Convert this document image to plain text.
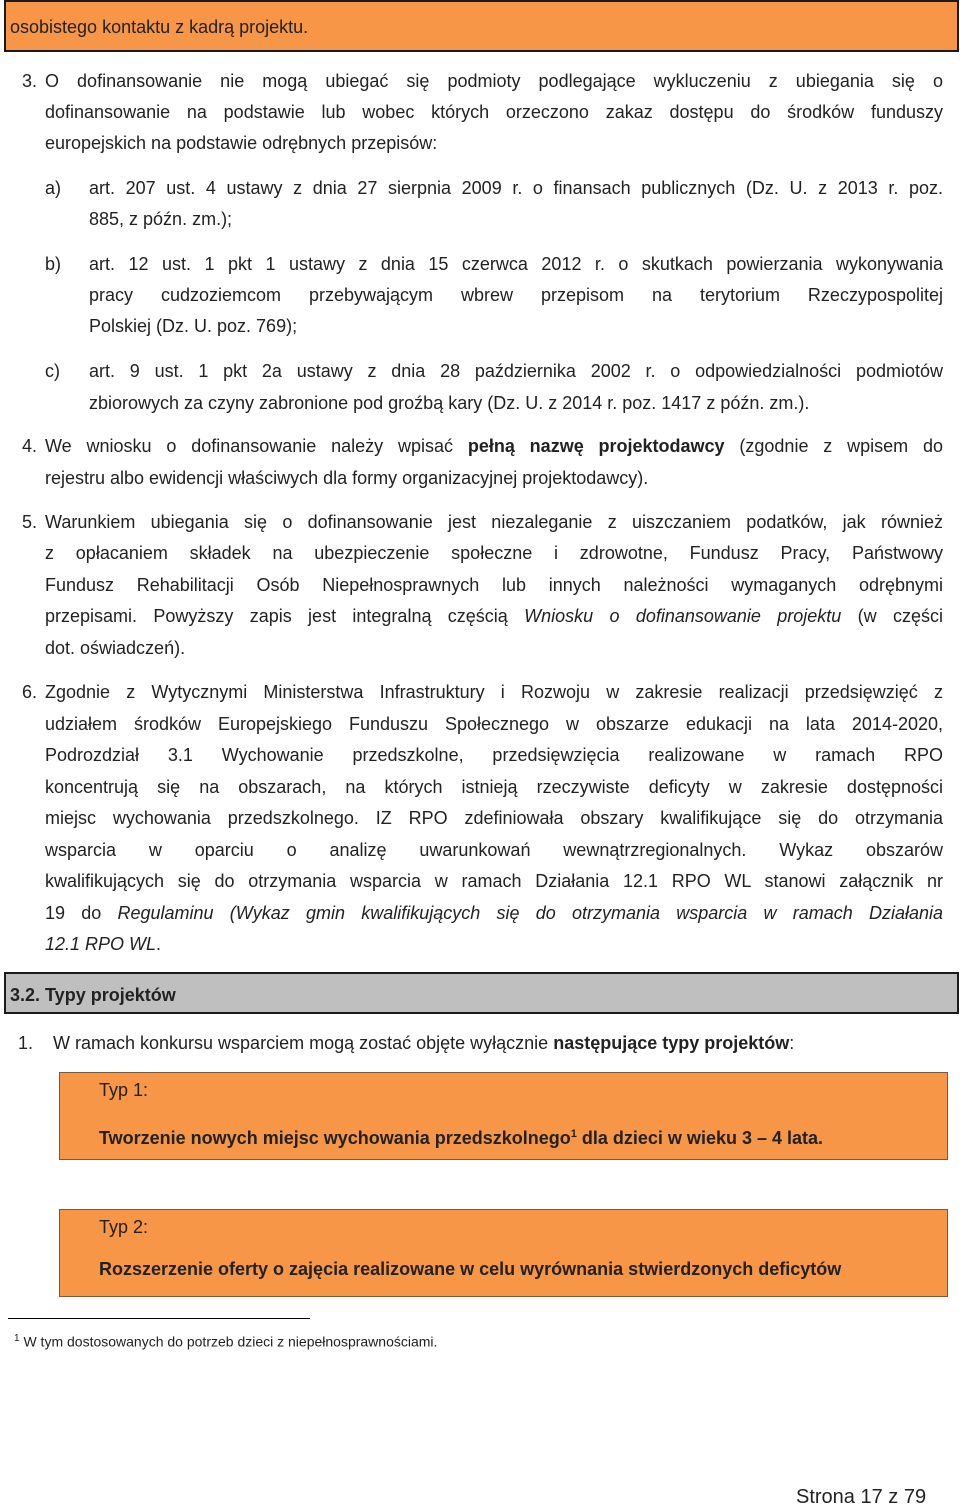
osobistego kontaktu z kadrą projektu.
3. O dofinansowanie nie mogą ubiegać się podmioty podlegające wykluczeniu z ubiegania się o
dofinansowanie na podstawie lub wobec których orzeczono zakaz dostępu do środków funduszy
europejskich na podstawie odrębnych przepisów:
a) art. 207 ust. 4 ustawy z dnia 27 sierpnia 2009 r. o finansach publicznych (Dz. U. z 2013 r. poz.
885, z późn. zm.);
b) art. 12 ust. 1 pkt 1 ustawy z dnia 15 czerwca 2012 r. o skutkach powierzania wykonywania
pracy cudzoziemcom przebywającym wbrew przepisom na terytorium Rzeczypospolitej
Polskiej (Dz. U. poz. 769);
c) art. 9 ust. 1 pkt 2a ustawy z dnia 28 października 2002 r. o odpowiedzialności podmiotów
zbiorowych za czyny zabronione pod groźbą kary (Dz. U. z 2014 r. poz. 1417 z późn. zm.).
4. We wniosku o dofinansowanie należy wpisać pełną nazwę projektodawcy (zgodnie z wpisem do
rejestru albo ewidencji właściwych dla formy organizacyjnej projektodawcy).
5. Warunkiem ubiegania się o dofinansowanie jest niezaleganie z uiszczaniem podatków, jak również
z opłacaniem składek na ubezpieczenie społeczne i zdrowotne, Fundusz Pracy, Państwowy
Fundusz Rehabilitacji Osób Niepełnosprawnych lub innych należności wymaganych odrębnymi
przepisami. Powyższy zapis jest integralną częścią Wniosku o dofinansowanie projektu (w części
dot. oświadczeń).
6. Zgodnie z Wytycznymi Ministerstwa Infrastruktury i Rozwoju w zakresie realizacji przedsięwzięć z
udziałem środków Europejskiego Funduszu Społecznego w obszarze edukacji na lata 2014-2020,
Podrozdział 3.1 Wychowanie przedszkolne, przedsięwzięcia realizowane w ramach RPO
koncentrują się na obszarach, na których istnieją rzeczywiste deficyty w zakresie dostępności
miejsc wychowania przedszkolnego. IZ RPO zdefiniowała obszary kwalifikujące się do otrzymania
wsparcia w oparciu o analizę uwarunkowań wewnątrzregionalnych. Wykaz obszarów
kwalifikujących się do otrzymania wsparcia w ramach Działania 12.1 RPO WL stanowi załącznik nr
19 do Regulaminu (Wykaz gmin kwalifikujących się do otrzymania wsparcia w ramach Działania
12.1 RPO WL.
3.2. Typy projektów
1. W ramach konkursu wsparciem mogą zostać objęte wyłącznie następujące typy projektów:
Typ 1:
Tworzenie nowych miejsc wychowania przedszkolnego$^1$ dla dzieci w wieku 3 – 4 lata.
Typ 2:
Rozszerzenie oferty o zajęcia realizowane w celu wyrównania stwierdzonych deficytów
$^1$ W tym dostosowanych do potrzeb dzieci z niepełnosprawnościami.
Strona 17 z 79
